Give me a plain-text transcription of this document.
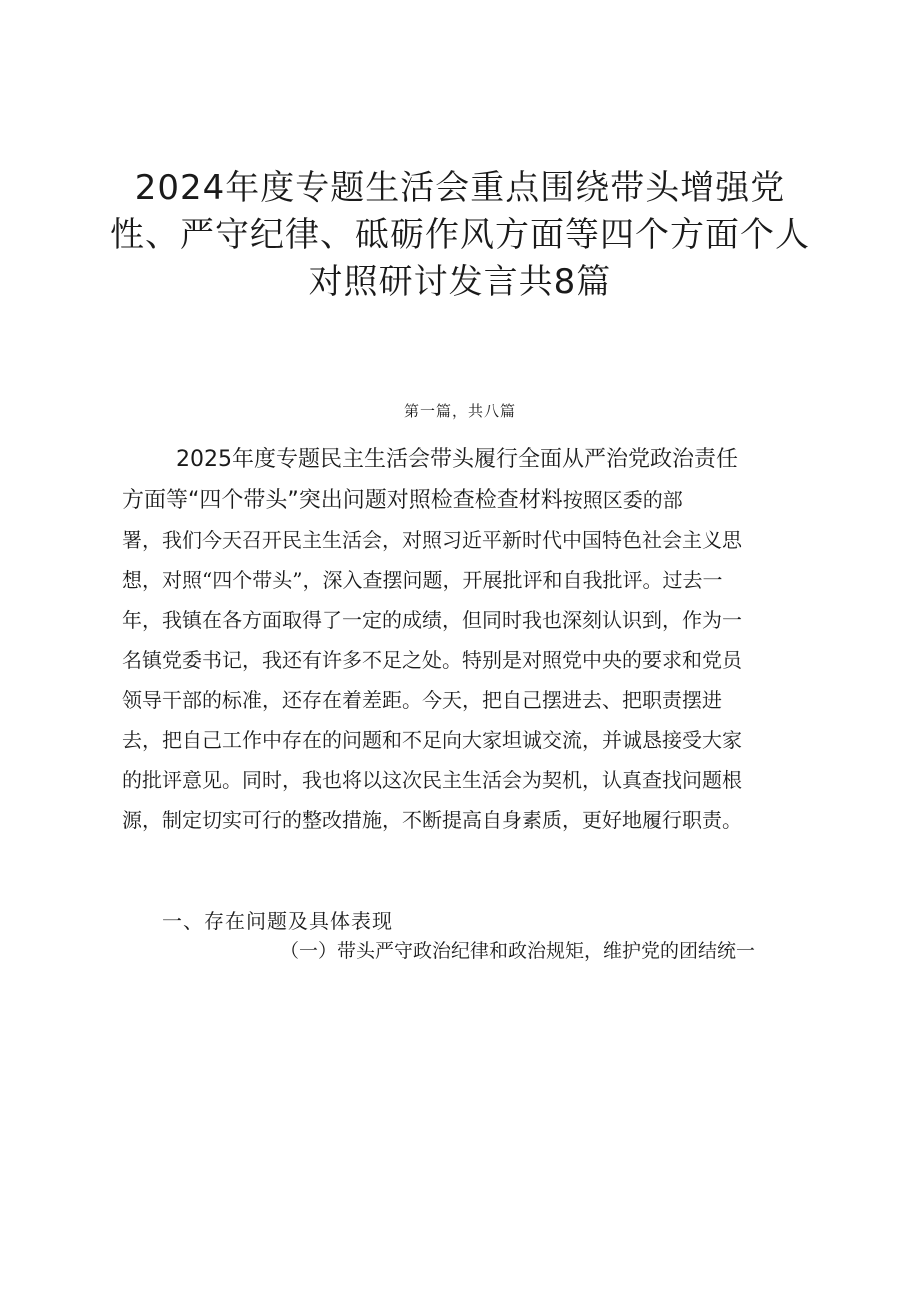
2024年度专题生活会重点围绕带头增强党
性、严守纪律、砥砺作风方面等四个方面个人
对照研讨发言共8篇
第一篇，共八篇
2025年度专题民主生活会带头履行全面从严治党政治责任
方面等“四个带头”突出问题对照检查检查材料按照区委的部
署，我们今天召开民主生活会，对照习近平新时代中国特色社会主义思
想，对照“四个带头”，深入查摆问题，开展批评和自我批评。过去一
年，我镇在各方面取得了一定的成绩，但同时我也深刻认识到，作为一
名镇党委书记，我还有许多不足之处。特别是对照党中央的要求和党员
领导干部的标准，还存在着差距。今天，把自己摆进去、把职责摆进
去，把自己工作中存在的问题和不足向大家坦诚交流，并诚恳接受大家
的批评意见。同时，我也将以这次民主生活会为契机，认真查找问题根
源，制定切实可行的整改措施，不断提高自身素质，更好地履行职责。
一、存在问题及具体表现
（一）带头严守政治纪律和政治规矩，维护党的团结统一
